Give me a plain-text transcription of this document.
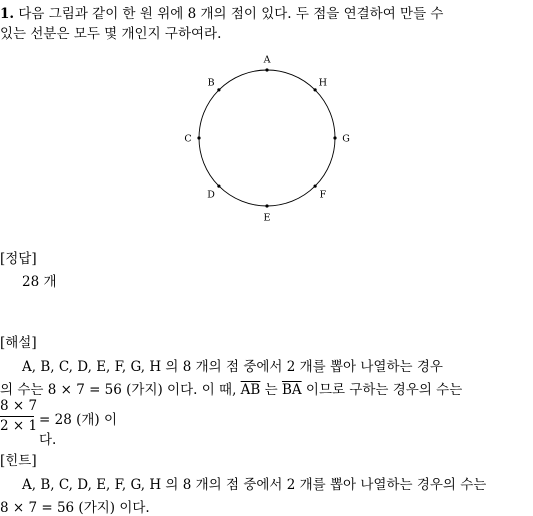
1. 다음 그림과 같이 한 원 위에 8 개의 점이 있다. 두 점을 연결하여 만들 수
있는 선분은 모두 몇 개인지 구하여라.
A
H
G
F
E
D
C
B
[정답]
28 개
[해설]
A, B, C, D, E, F, G, H 의 8 개의 점 중에서 2 개를 뽑아 나열하는 경우
의 수는 8 × 7 = 56 (가지) 이다. 이 때, $\overline{AB}$ 는 $\overline{BA}$ 이므로 구하는 경우의 수는
8 × 7
2 × 1 = 28 (개) 이다.
[힌트]
A, B, C, D, E, F, G, H 의 8 개의 점 중에서 2 개를 뽑아 나열하는 경우의 수는
8 × 7 = 56 (가지) 이다.
